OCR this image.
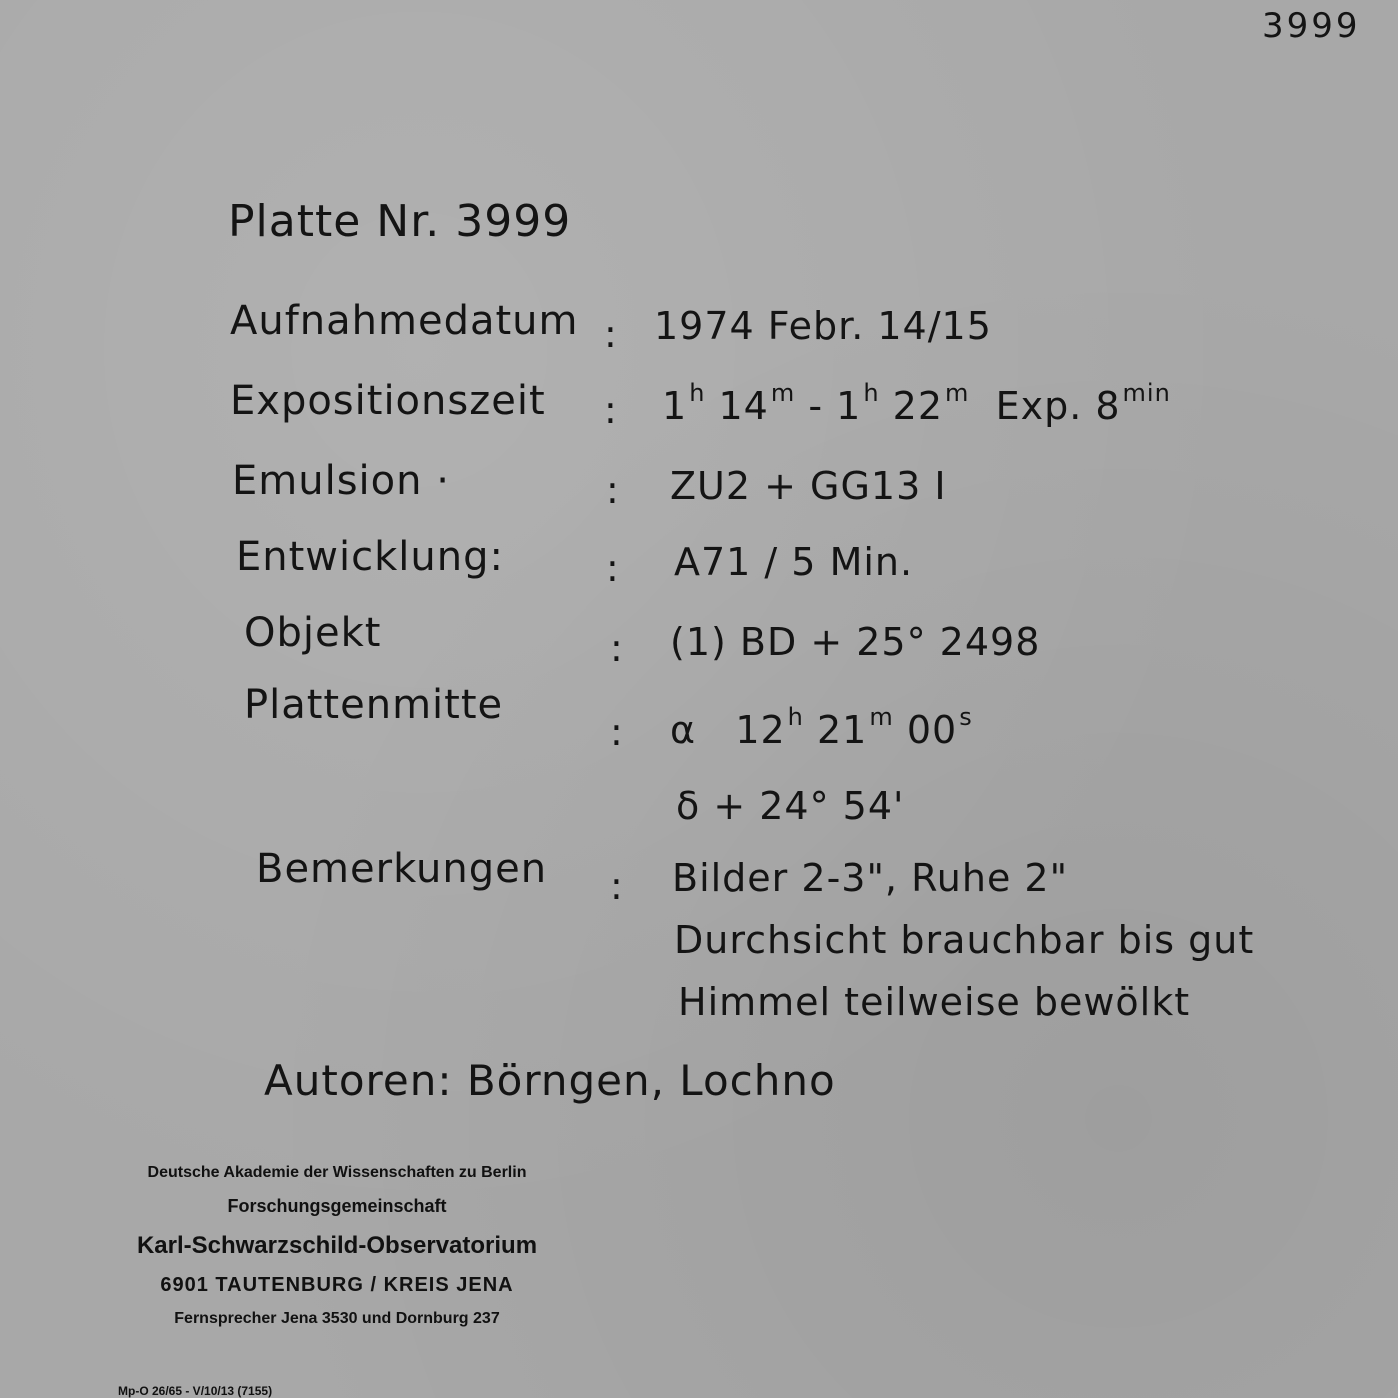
3999
Platte Nr. 3999
Aufnahmedatum : 1974 Febr. 14/15
Expositionszeit : 1$^h$ 14$^m$ - 1$^h$ 22$^m$ Exp. $8^{min}$
Emulsion ·	: ZU2 + GG13 I
Entwicklung:	: A71 / 5 Min.
Objekt	: (1) BD + 25° 2498
Plattenmitte
: α 12$^h$ 21$^m$ 00$^s$
δ + 24° 54'
Bemerkungen : Bilder 2-3", Ruhe 2"
Durchsicht brauchbar bis gut
Himmel teilweise bewölkt
Autoren: Börngen, Lochno
Deutsche Akademie der Wissenschaften zu Berlin
Forschungsgemeinschaft
Karl-Schwarzschild-Observatorium
6901 TAUTENBURG / KREIS JENA
Fernsprecher Jena 3530 und Dornburg 237
Mp-O 26/65 - V/10/13 (7155)
